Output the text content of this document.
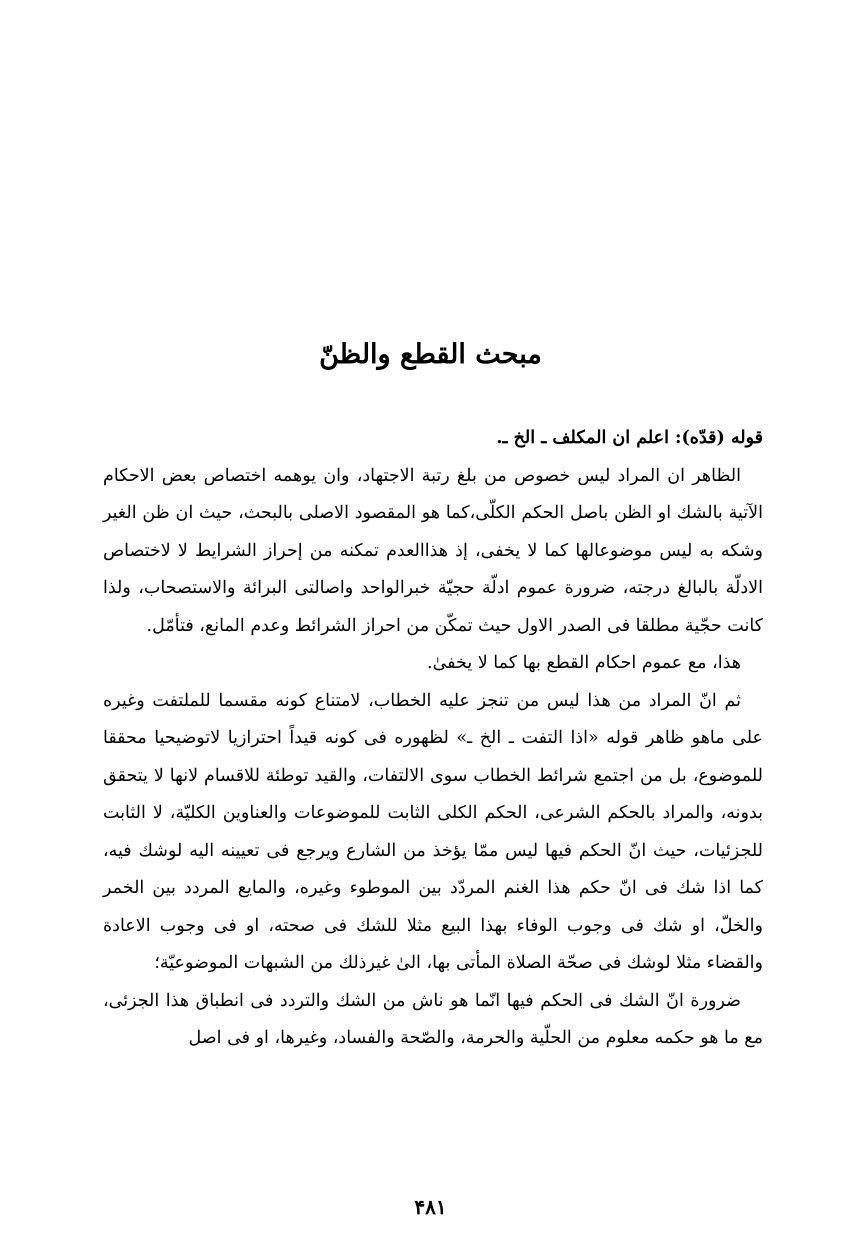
مبحث القطع والظنّ

قوله (قدّه): اعلم ان المكلف ـ الخ ـ.

الظاهر ان المراد ليس خصوص من بلغ رتبة الاجتهاد، وان يوهمه اختصاص بعض الاحكام الآتية بالشك او الظن باصل الحكم الكلّى،كما هو المقصود الاصلى بالبحث، حيث ان ظن الغير وشكه به ليس موضوعالها كما لا يخفى، إذ هذاالعدم تمكنه من إحراز الشرايط لا لاختصاص الادلّة بالبالغ درجته، ضرورة عموم ادلّة حجيّة خبرالواحد واصالتى البرائة والاستصحاب، ولذا كانت حجّية مطلقا فى الصدر الاول حيث تمكّن من احراز الشرائط وعدم المانع، فتأمّل.

هذا، مع عموم احكام القطع بها كما لا يخفىٰ.

ثم انّ المراد من هذا ليس من تنجز عليه الخطاب، لامتناع كونه مقسما للملتفت وغيره على ماهو ظاهر قوله «اذا التفت ـ الخ ـ» لظهوره فى كونه قيداً احترازيا لاتوضيحيا محققا للموضوع، بل من اجتمع شرائط الخطاب سوى الالتفات، والقيد توطئة للاقسام لانها لا يتحقق بدونه، والمراد بالحكم الشرعى، الحكم الكلى الثابت للموضوعات والعناوين الكليّة، لا الثابت للجزئيات، حيث انّ الحكم فيها ليس ممّا يؤخذ من الشارع ويرجع فى تعيينه اليه لوشك فيه، كما اذا شك فى انّ حكم هذا الغنم المردّد بين الموطوء وغيره، والمايع المردد بين الخمر والخلّ، او شك فى وجوب الوفاء بهذا البيع مثلا للشك فى صحته، او فى وجوب الاعادة والقضاء مثلا لوشك فى صحّة الصلاة المأتى بها، الىٰ غيرذلك من الشبهات الموضوعيّة؛

ضرورة انّ الشك فى الحكم فيها انّما هو ناش من الشك والتردد فى انطباق هذا الجزئى، مع ما هو حكمه معلوم من الحلّية والحرمة، والصّحة والفساد، وغيرها، او فى اصل

۴۸۱
